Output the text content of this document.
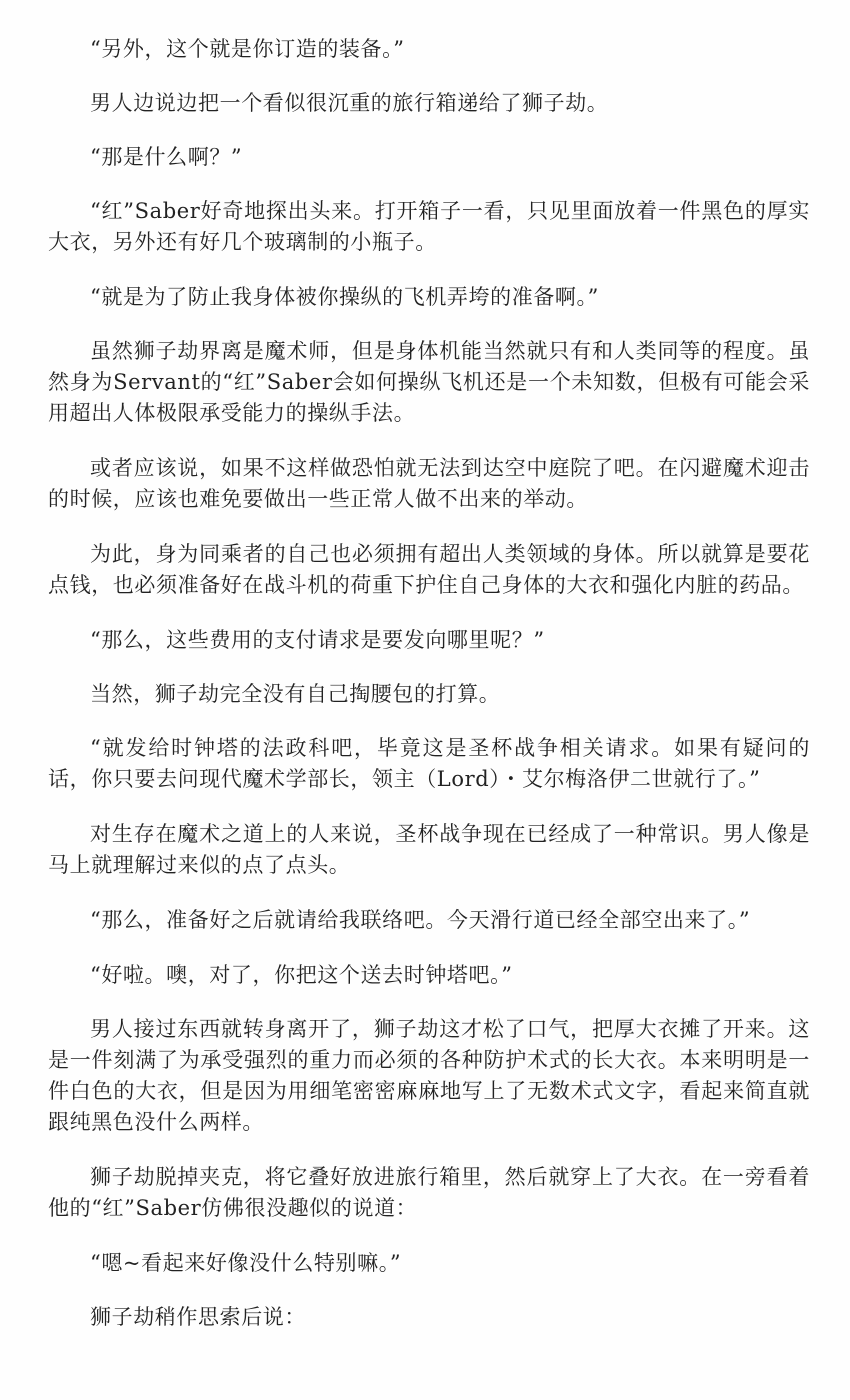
“另外，这个就是你订造的装备。”

男人边说边把一个看似很沉重的旅行箱递给了狮子劫。

“那是什么啊？”

“红”Saber好奇地探出头来。打开箱子一看，只见里面放着一件黑色的厚实大衣，另外还有好几个玻璃制的小瓶子。

“就是为了防止我身体被你操纵的飞机弄垮的准备啊。”

虽然狮子劫界离是魔术师，但是身体机能当然就只有和人类同等的程度。虽然身为Servant的“红”Saber会如何操纵飞机还是一个未知数，但极有可能会采用超出人体极限承受能力的操纵手法。

或者应该说，如果不这样做恐怕就无法到达空中庭院了吧。在闪避魔术迎击的时候，应该也难免要做出一些正常人做不出来的举动。

为此，身为同乘者的自己也必须拥有超出人类领域的身体。所以就算是要花点钱，也必须准备好在战斗机的荷重下护住自己身体的大衣和强化内脏的药品。

“那么，这些费用的支付请求是要发向哪里呢？”

当然，狮子劫完全没有自己掏腰包的打算。

“就发给时钟塔的法政科吧，毕竟这是圣杯战争相关请求。如果有疑问的话，你只要去问现代魔术学部长，领主（Lord）・艾尔梅洛伊二世就行了。”

对生存在魔术之道上的人来说，圣杯战争现在已经成了一种常识。男人像是马上就理解过来似的点了点头。

“那么，准备好之后就请给我联络吧。今天滑行道已经全部空出来了。”

“好啦。噢，对了，你把这个送去时钟塔吧。”

男人接过东西就转身离开了，狮子劫这才松了口气，把厚大衣摊了开来。这是一件刻满了为承受强烈的重力而必须的各种防护术式的长大衣。本来明明是一件白色的大衣，但是因为用细笔密密麻麻地写上了无数术式文字，看起来简直就跟纯黑色没什么两样。

狮子劫脱掉夹克，将它叠好放进旅行箱里，然后就穿上了大衣。在一旁看着他的“红”Saber仿佛很没趣似的说道：

“嗯~看起来好像没什么特别嘛。”

狮子劫稍作思索后说：
